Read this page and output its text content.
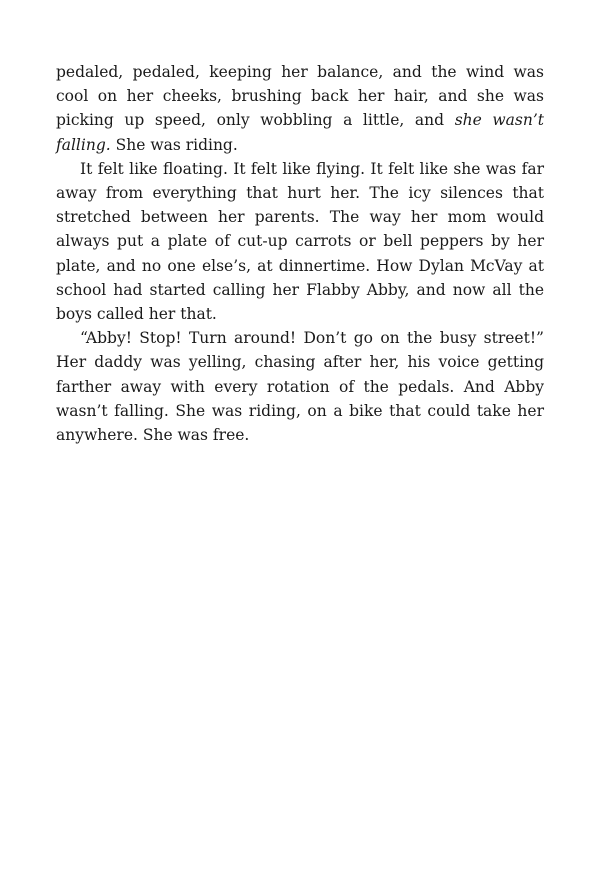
pedaled, pedaled, keeping her balance, and the wind was cool on her cheeks, brushing back her hair, and she was picking up speed, only wobbling a little, and she wasn’t falling. She was riding.

It felt like floating. It felt like flying. It felt like she was far away from everything that hurt her. The icy silences that stretched between her parents. The way her mom would always put a plate of cut-up carrots or bell peppers by her plate, and no one else’s, at dinnertime. How Dylan McVay at school had started calling her Flabby Abby, and now all the boys called her that.

“Abby! Stop! Turn around! Don’t go on the busy street!” Her daddy was yelling, chasing after her, his voice getting farther away with every rotation of the pedals. And Abby wasn’t falling. She was riding, on a bike that could take her anywhere. She was free.
